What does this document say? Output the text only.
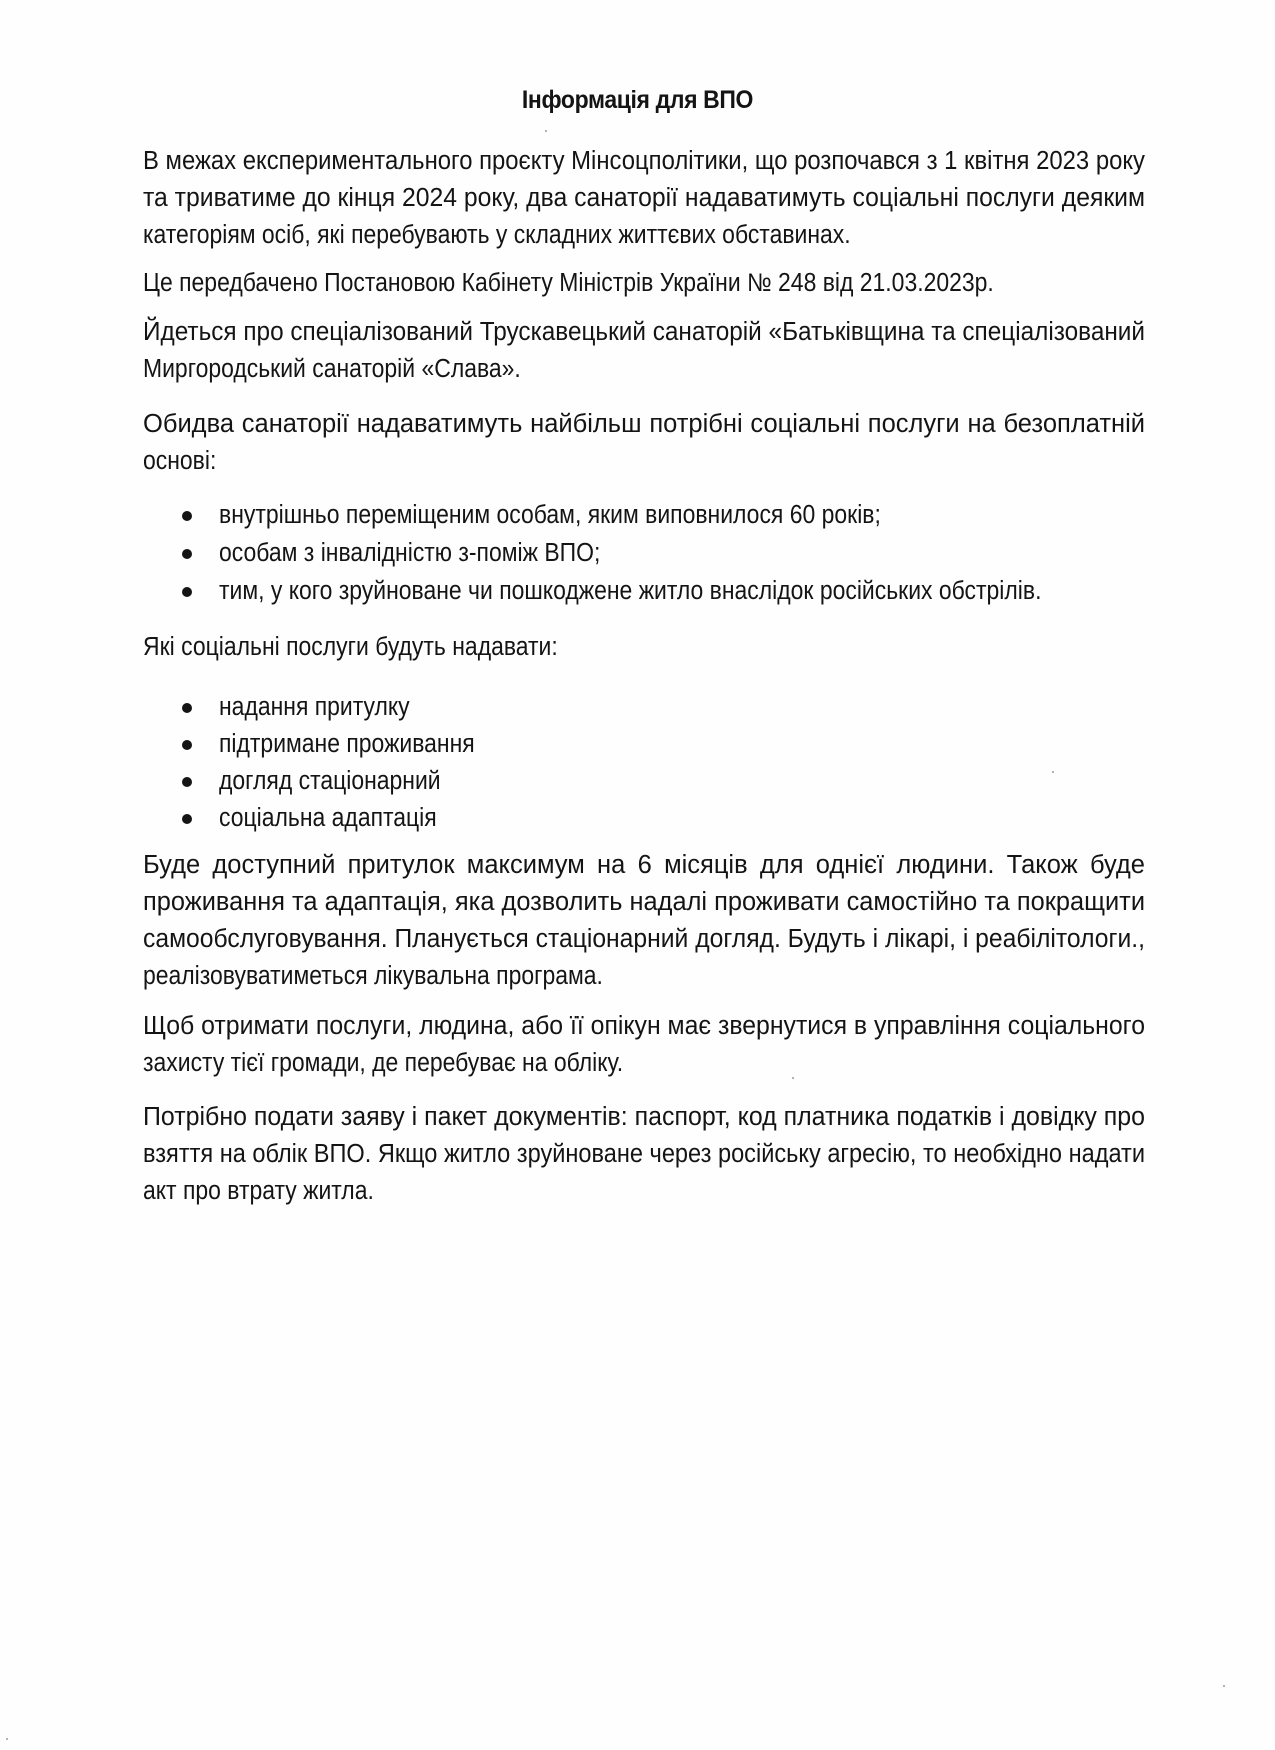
Інформація для ВПО
В межах експериментального проєкту Мінсоцполітики, що розпочався з 1 квітня 2023 року
та триватиме до кінця 2024 року, два санаторії надаватимуть соціальні послуги деяким
категоріям осіб, які перебувають у складних життєвих обставинах.
Це передбачено Постановою Кабінету Міністрів України № 248 від 21.03.2023р.
Йдеться про спеціалізований Трускавецький санаторій «Батьківщина та спеціалізований
Миргородський санаторій «Слава».
Обидва санаторії надаватимуть найбільш потрібні соціальні послуги на безоплатній
основі:
внутрішньо переміщеним особам, яким виповнилося 60 років;
особам з інвалідністю з-поміж ВПО;
тим, у кого зруйноване чи пошкоджене житло внаслідок російських обстрілів.
Які соціальні послуги будуть надавати:
надання притулку
підтримане проживання
догляд стаціонарний
соціальна адаптація
Буде доступний притулок максимум на 6 місяців для однієї людини. Також буде
проживання та адаптація, яка дозволить надалі проживати самостійно та покращити
самообслуговування. Планується стаціонарний догляд. Будуть і лікарі, і реабілітологи.,
реалізовуватиметься лікувальна програма.
Щоб отримати послуги, людина, або її опікун має звернутися в управління соціального
захисту тієї громади, де перебуває на обліку.
Потрібно подати заяву і пакет документів: паспорт, код платника податків і довідку про
взяття на облік ВПО. Якщо житло зруйноване через російську агресію, то необхідно надати
акт про втрату житла.
